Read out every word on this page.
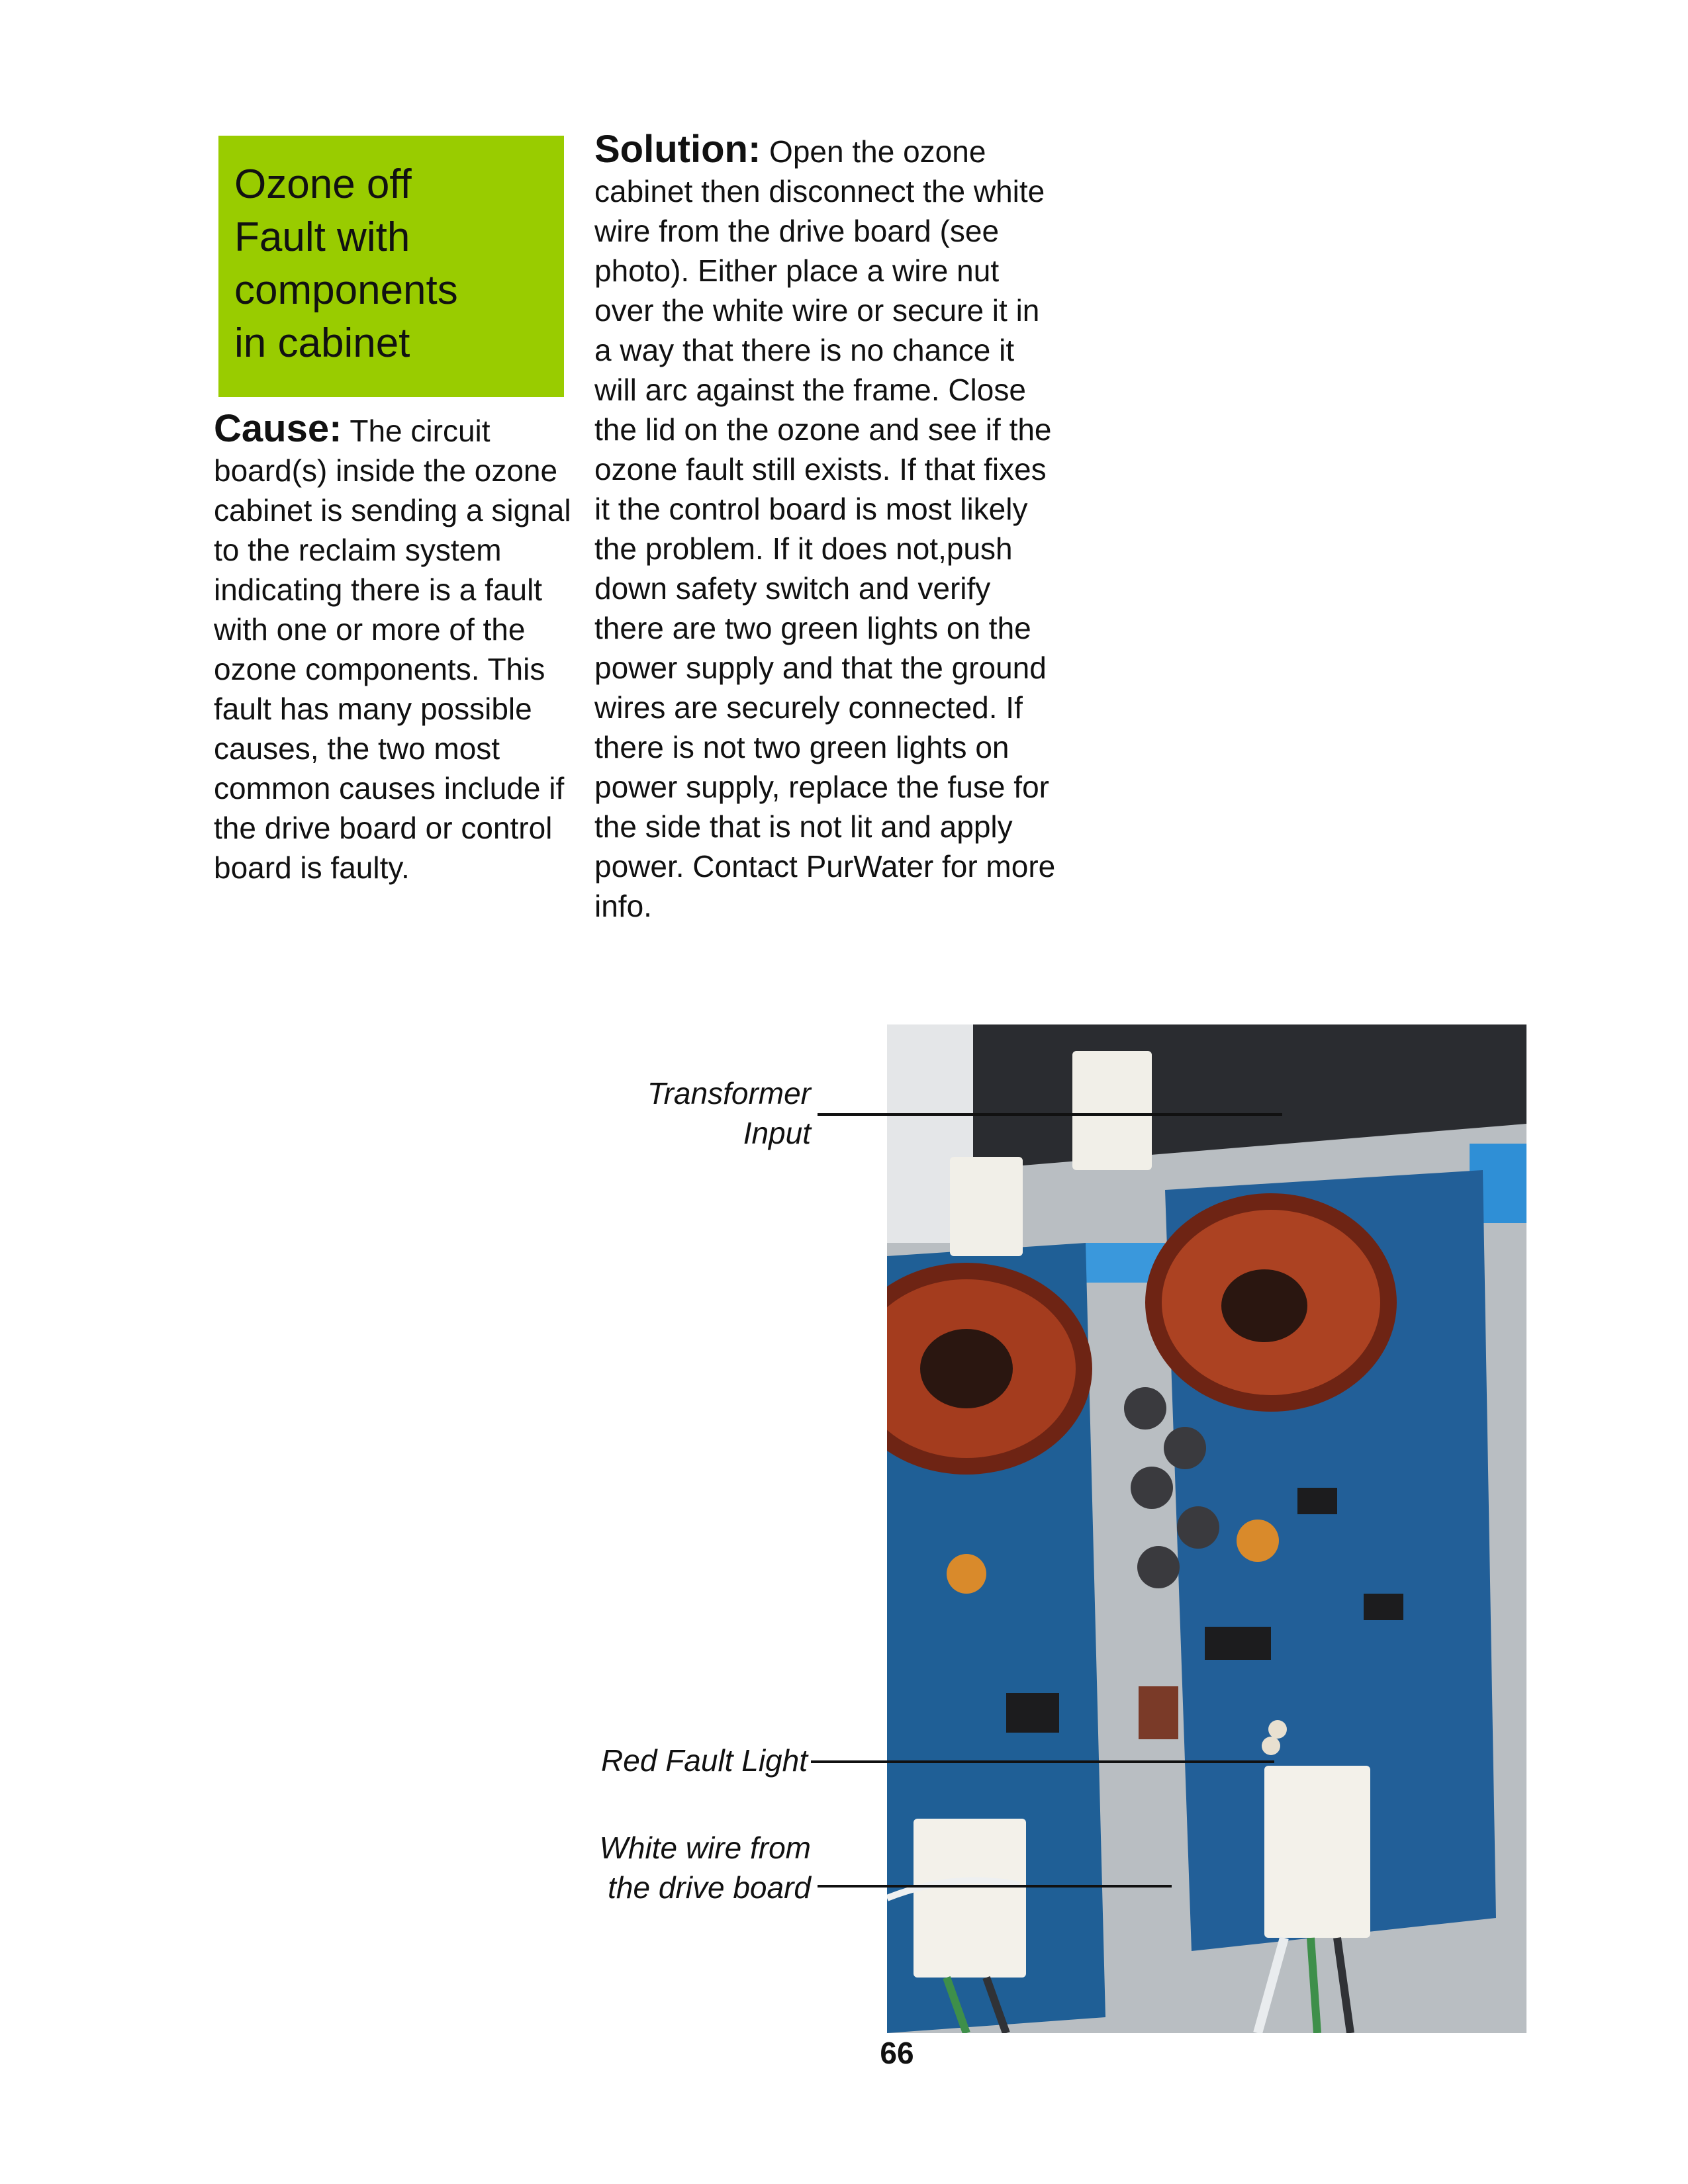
Ozone off
Fault with
components
in cabinet

Cause: The circuit board(s) inside the ozone cabinet is sending a signal to the reclaim system indicating there is a fault with one or more of the ozone components. This fault has many possible causes, the two most common causes include if the drive board or control board is faulty.

Solution: Open the ozone cabinet then disconnect the white wire from the drive board (see photo). Either place a wire nut over the white wire or secure it in a way that there is no chance it will arc against the frame. Close the lid on the ozone and see if the ozone fault still exists. If that fixes it the control board is most likely the problem. If it does not,push down safety switch and verify there are two green lights on the power supply and that the ground wires are securely connected. If there is not two green lights on power supply, replace the fuse for the side that is not lit and apply power. Contact PurWater for more info.

Transformer
Input
Red Fault Light
White wire from
the drive board
66
